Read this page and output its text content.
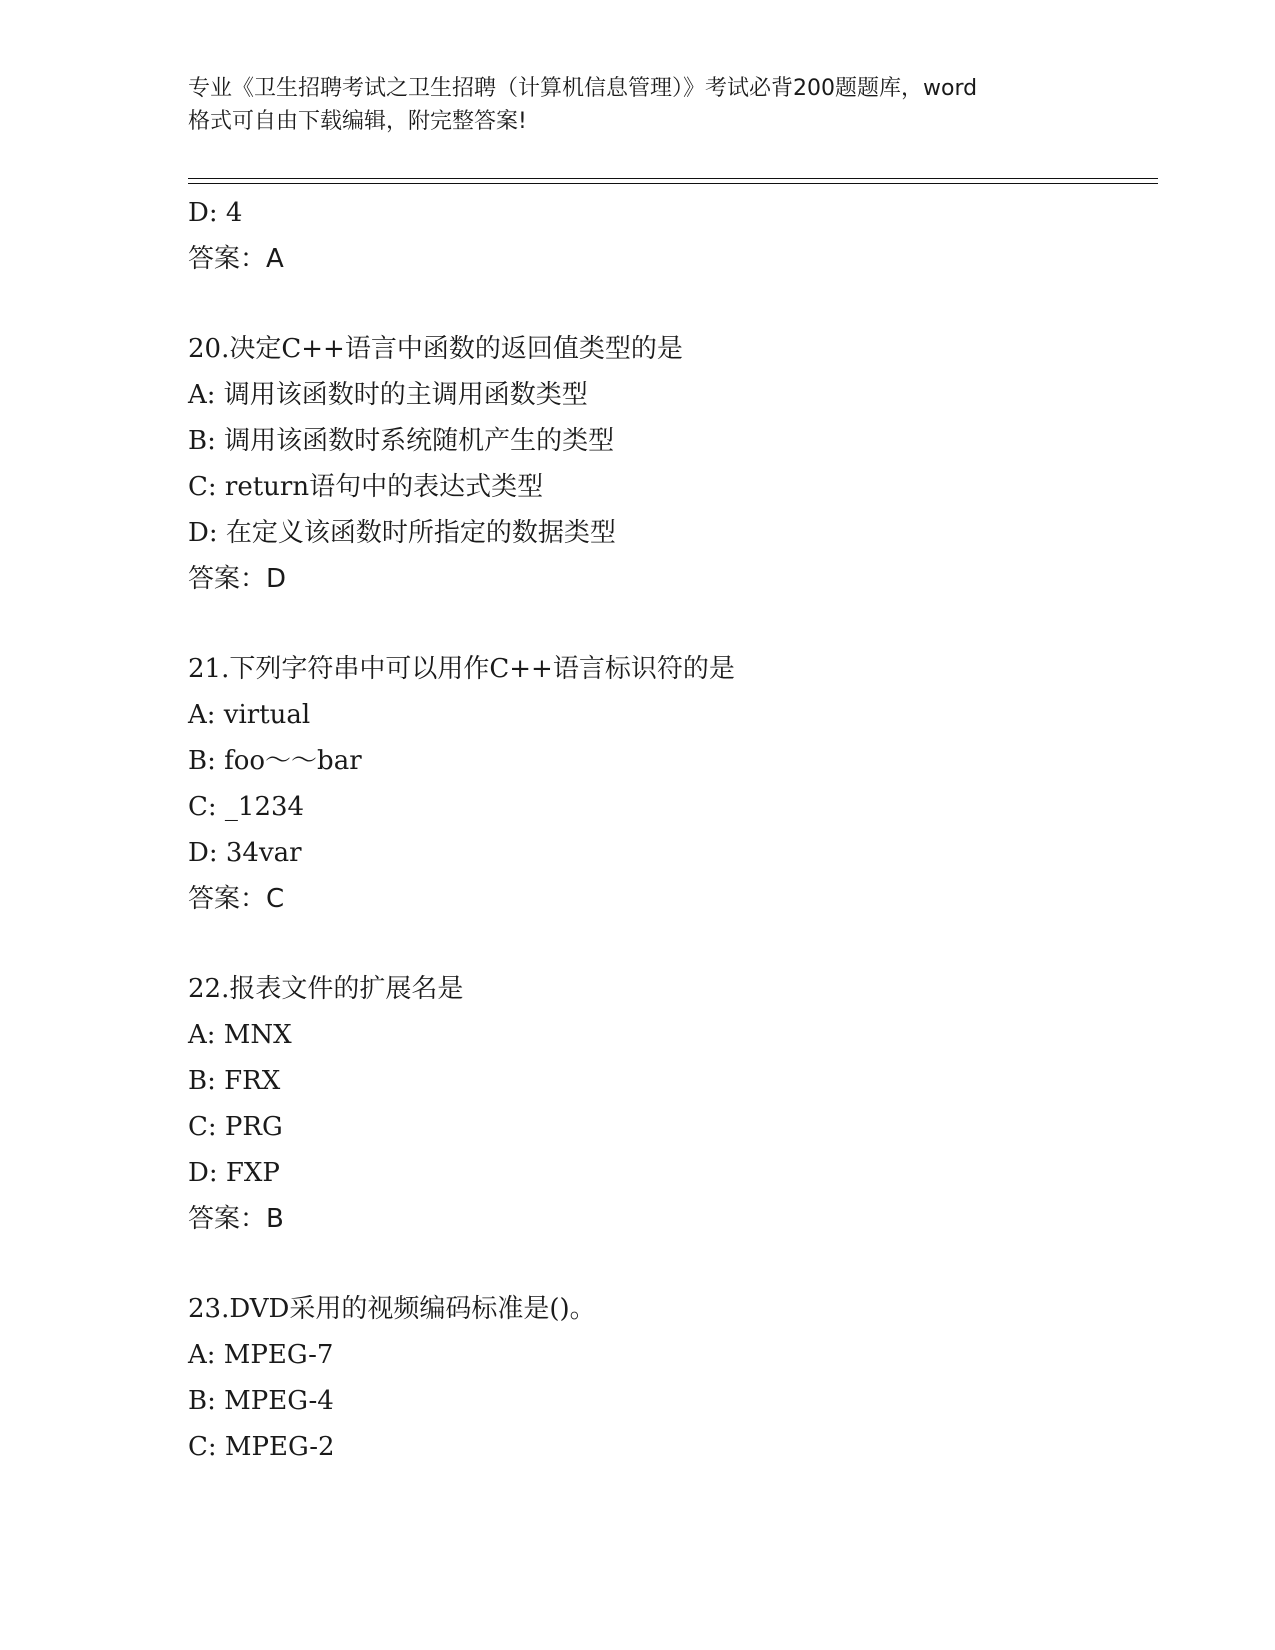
专业《卫生招聘考试之卫生招聘（计算机信息管理）》考试必背200题题库，word
格式可自由下载编辑，附完整答案!
D: 4
答案：A
20.决定C++语言中函数的返回值类型的是
A: 调用该函数时的主调用函数类型
B: 调用该函数时系统随机产生的类型
C: return语句中的表达式类型
D: 在定义该函数时所指定的数据类型
答案：D
21.下列字符串中可以用作C++语言标识符的是
A: virtual
B: foo～～bar
C: _1234
D: 34var
答案：C
22.报表文件的扩展名是
A: MNX
B: FRX
C: PRG
D: FXP
答案：B
23.DVD采用的视频编码标准是()。
A: MPEG-7
B: MPEG-4
C: MPEG-2
